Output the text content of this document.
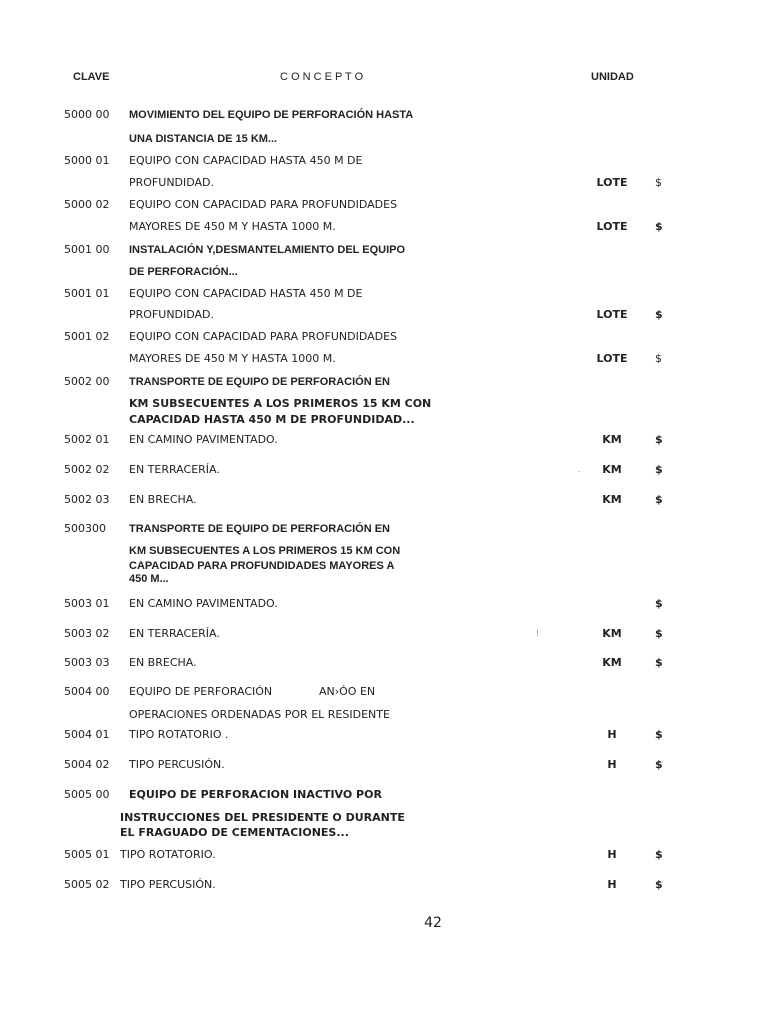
CLAVE	C O N C E P T O	UNIDAD
5000 00 MOVIMIENTO DEL EQUIPO DE PERFORACIÓN HASTA
UNA DISTANCIA DE 15 KM...
5000 01 EQUIPO CON CAPACIDAD HASTA 450 M DE
PROFUNDIDAD.	LOTE	$
5000 02 EQUIPO CON CAPACIDAD PARA PROFUNDIDADES
MAYORES DE 450 M Y HASTA 1000 M.	LOTE	$
5001 00 INSTALACIÓN Y,DESMANTELAMIENTO DEL EQUIPO
DE PERFORACIÓN...
5001 01 EQUIPO CON CAPACIDAD HASTA 450 M DE
PROFUNDIDAD.	LOTE	$
5001 02 EQUIPO CON CAPACIDAD PARA PROFUNDIDADES
MAYORES DE 450 M Y HASTA 1000 M.	LOTE	$
5002 00 TRANSPORTE DE EQUIPO DE PERFORACIÓN EN
KM SUBSECUENTES A LOS PRIMEROS 15 KM CON
CAPACIDAD HASTA 450 M DE PROFUNDIDAD...
5002 01 EN CAMINO PAVIMENTADO.	KM	$
5002 02 EN TERRACERÍA.	.	KM	$
5002 03 EN BRECHA.	KM	$
500300 TRANSPORTE DE EQUIPO DE PERFORACIÓN EN
KM SUBSECUENTES A LOS PRIMEROS 15 KM CON
CAPACIDAD PARA PROFUNDIDADES MAYORES A
450 M...
5003 01 EN CAMINO PAVIMENTADO.	$
5003 02 EN TERRACERÍA.	!	KM	$
5003 03 EN BRECHA.	KM	$
5004 00 EQUIPO DE PERFORACIÓN	AN›ÓO EN
OPERACIONES ORDENADAS POR EL RESIDENTE
5004 01 TIPO ROTATORIO .	H	$
5004 02 TIPO PERCUSIÓN.	H	$
5005 00 EQUIPO DE PERFORACION INACTIVO POR
INSTRUCCIONES DEL PRESIDENTE O DURANTE
EL FRAGUADO DE CEMENTACIONES...
5005 01 TIPO ROTATORIO.	H	$
5005 02 TIPO PERCUSIÓN.	H	$
42
